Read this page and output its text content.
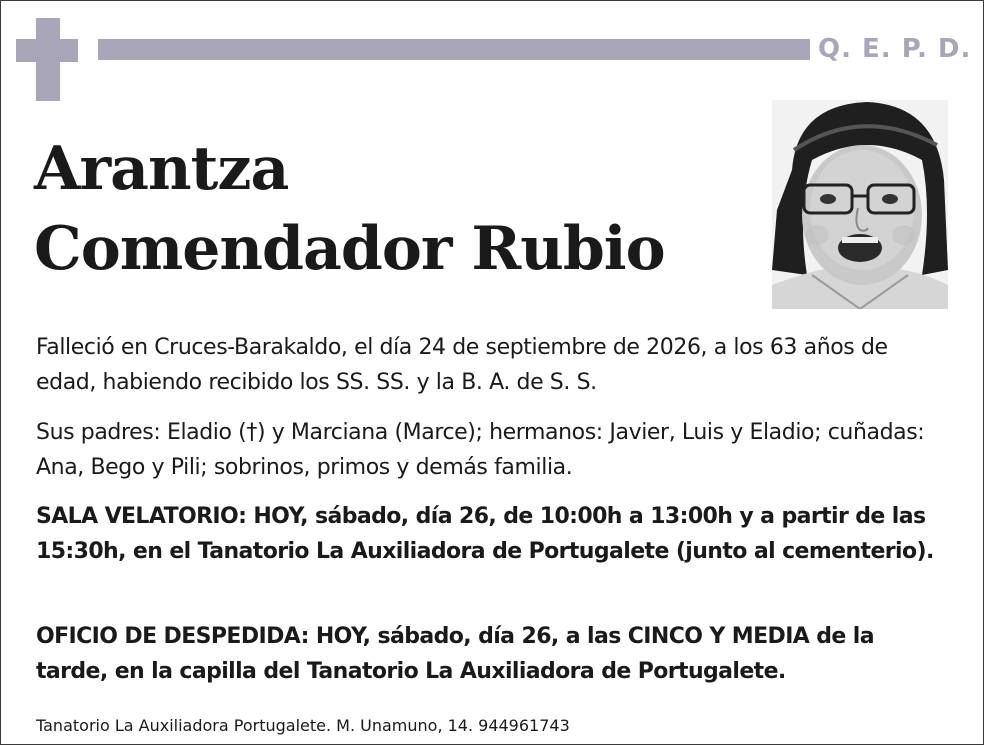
Q. E. P. D.
Arantza
Comendador Rubio
Falleció en Cruces-Barakaldo, el día 24 de septiembre de 2026, a los 63 años de edad, habiendo recibido los SS. SS. y la B. A. de S. S.
Sus padres: Eladio (†) y Marciana (Marce); hermanos: Javier, Luis y Eladio; cuñadas: Ana, Bego y Pili; sobrinos, primos y demás familia.
SALA VELATORIO: HOY, sábado, día 26, de 10:00h a 13:00h y a partir de las 15:30h, en el Tanatorio La Auxiliadora de Portugalete (junto al cementerio).
OFICIO DE DESPEDIDA: HOY, sábado, día 26, a las CINCO Y MEDIA de la tarde, en la capilla del Tanatorio La Auxiliadora de Portugalete.
Tanatorio La Auxiliadora Portugalete. M. Unamuno, 14. 944961743
